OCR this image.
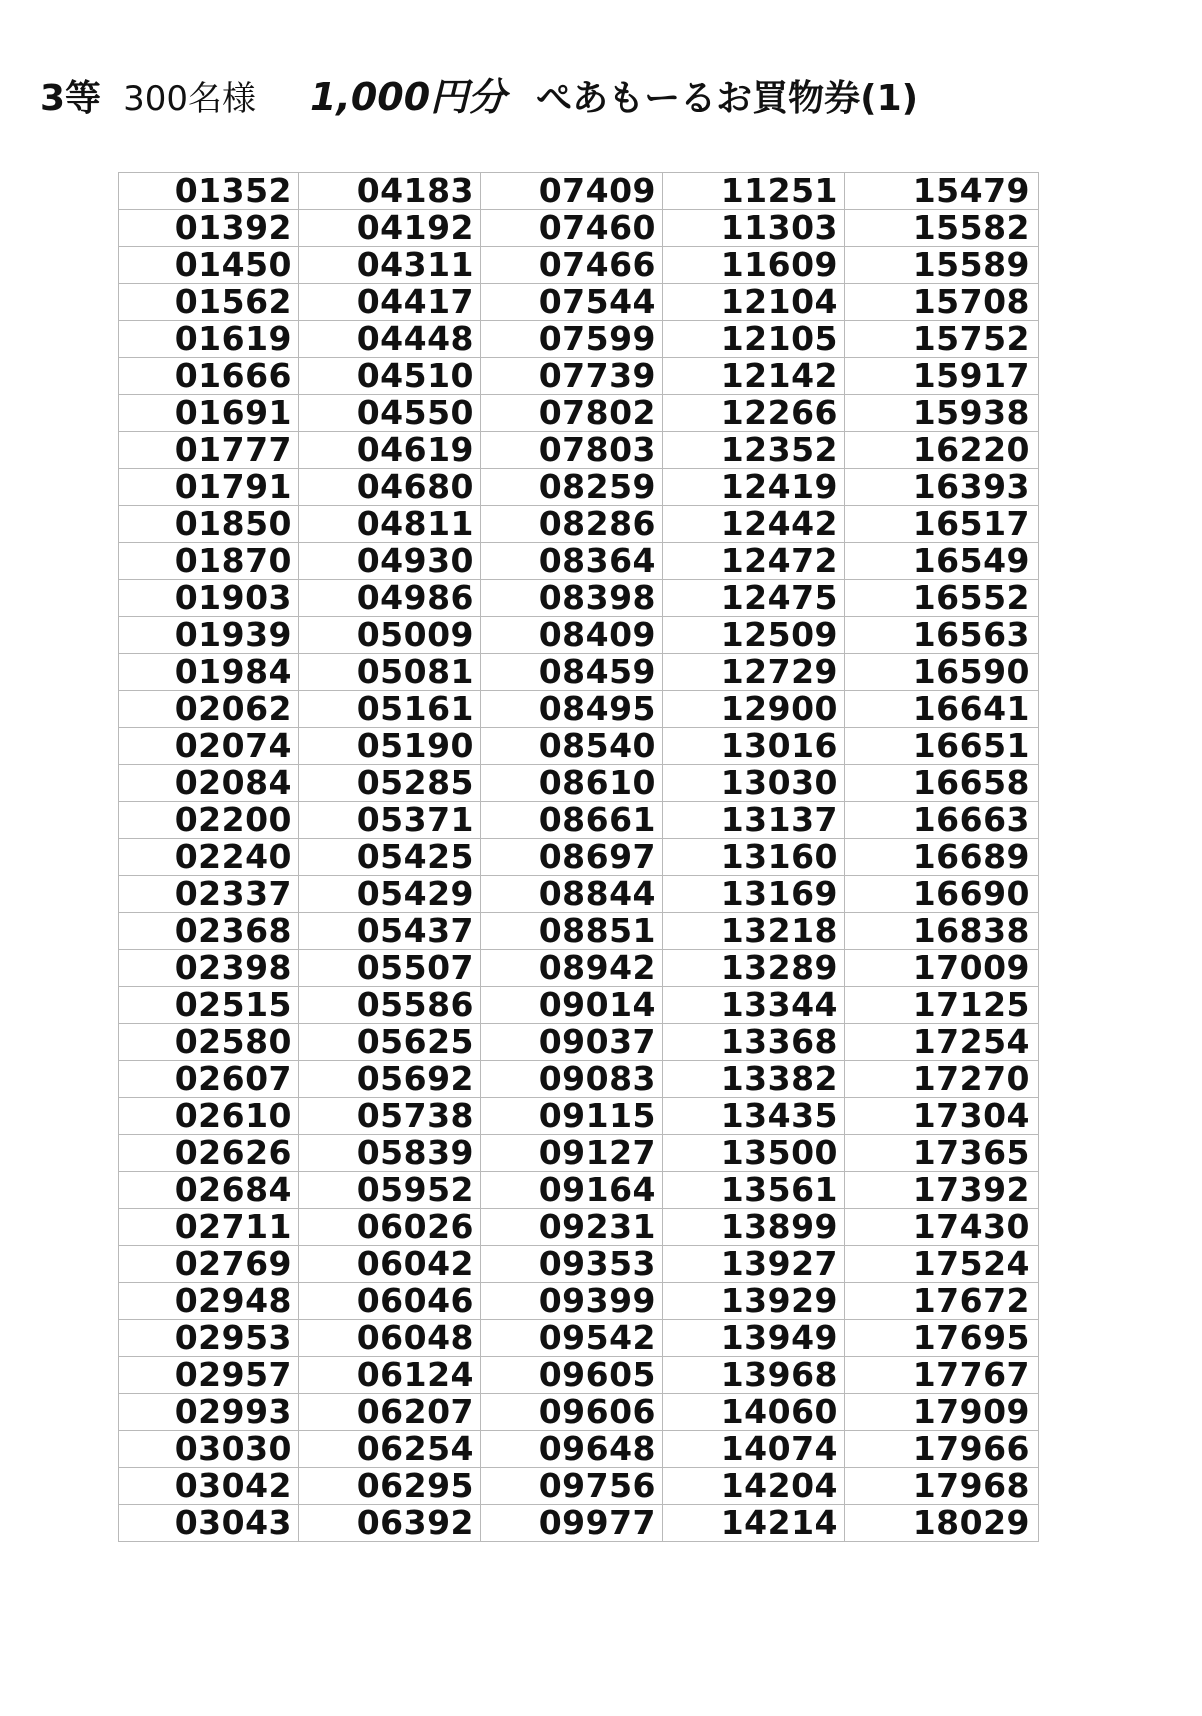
3等 300名様 1,000円分 ぺあもーるお買物券(1)
01352	04183	07409	11251	15479
01392	04192	07460	11303	15582
01450	04311	07466	11609	15589
01562	04417	07544	12104	15708
01619	04448	07599	12105	15752
01666	04510	07739	12142	15917
01691	04550	07802	12266	15938
01777	04619	07803	12352	16220
01791	04680	08259	12419	16393
01850	04811	08286	12442	16517
01870	04930	08364	12472	16549
01903	04986	08398	12475	16552
01939	05009	08409	12509	16563
01984	05081	08459	12729	16590
02062	05161	08495	12900	16641
02074	05190	08540	13016	16651
02084	05285	08610	13030	16658
02200	05371	08661	13137	16663
02240	05425	08697	13160	16689
02337	05429	08844	13169	16690
02368	05437	08851	13218	16838
02398	05507	08942	13289	17009
02515	05586	09014	13344	17125
02580	05625	09037	13368	17254
02607	05692	09083	13382	17270
02610	05738	09115	13435	17304
02626	05839	09127	13500	17365
02684	05952	09164	13561	17392
02711	06026	09231	13899	17430
02769	06042	09353	13927	17524
02948	06046	09399	13929	17672
02953	06048	09542	13949	17695
02957	06124	09605	13968	17767
02993	06207	09606	14060	17909
03030	06254	09648	14074	17966
03042	06295	09756	14204	17968
03043	06392	09977	14214	18029
